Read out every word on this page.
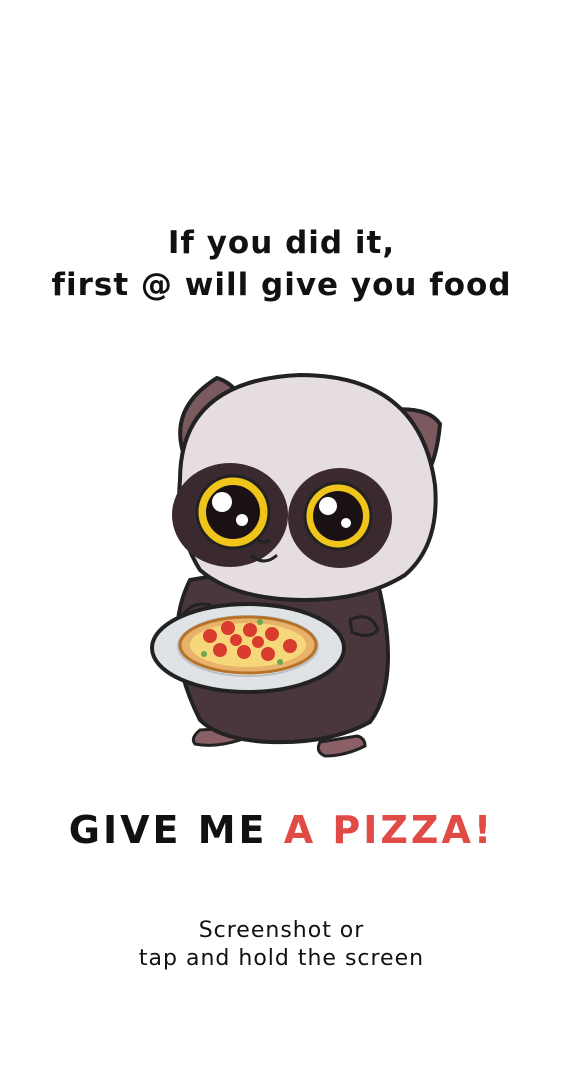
If you did it,
first @ will give you food
GIVE ME A PIZZA!
Screenshot or
tap and hold the screen
